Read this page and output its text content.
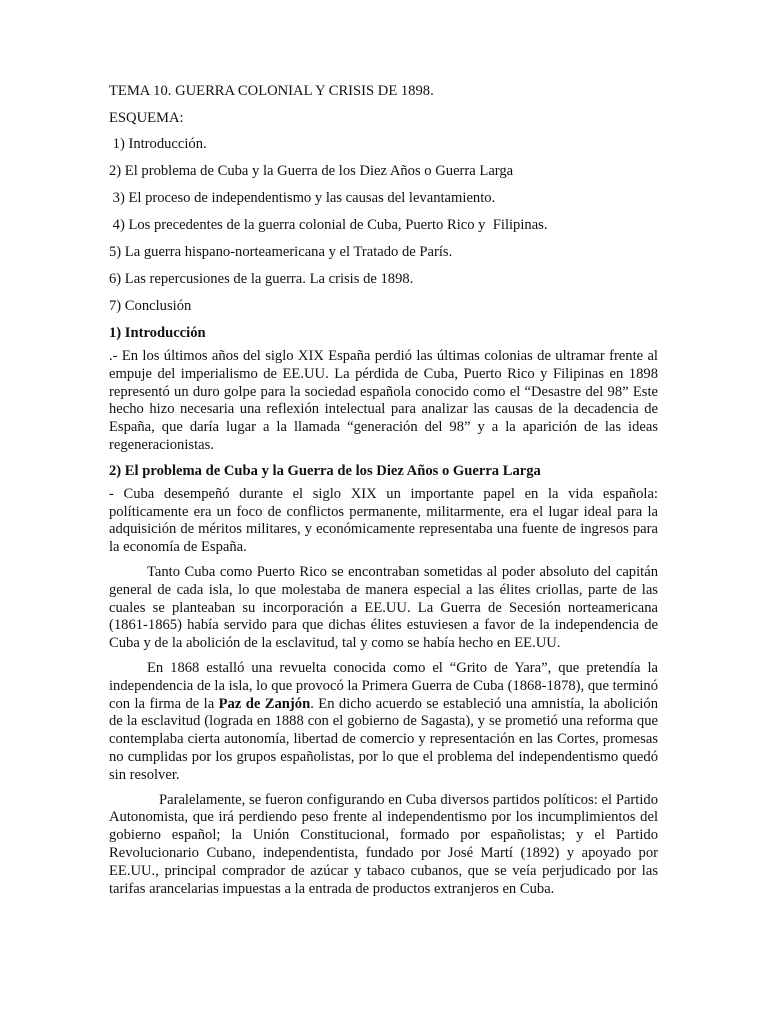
TEMA 10. GUERRA COLONIAL Y CRISIS DE 1898.

ESQUEMA:

1) Introducción.

2) El problema de Cuba y la Guerra de los Diez Años o Guerra Larga

3) El proceso de independentismo y las causas del levantamiento.

4) Los precedentes de la guerra colonial de Cuba, Puerto Rico y  Filipinas.

5) La guerra hispano-norteamericana y el Tratado de París.

6) Las repercusiones de la guerra. La crisis de 1898.

7) Conclusión

1) Introducción

.- En los últimos años del siglo XIX España perdió las últimas colonias de ultramar frente al empuje del imperialismo de EE.UU. La pérdida de Cuba, Puerto Rico y Filipinas en 1898 representó un duro golpe para la sociedad española conocido como el “Desastre del 98” Este hecho hizo necesaria una reflexión intelectual para analizar las causas de la decadencia de España, que daría lugar a la llamada “generación del 98” y a la aparición de las ideas regeneracionistas.

2) El problema de Cuba y la Guerra de los Diez Años o Guerra Larga

- Cuba desempeñó durante el siglo XIX un importante papel en la vida española: políticamente era un foco de conflictos permanente, militarmente, era el lugar ideal para la adquisición de méritos militares, y económicamente representaba una fuente de ingresos para la economía de España.

Tanto Cuba como Puerto Rico se encontraban sometidas al poder absoluto del capitán general de cada isla, lo que molestaba de manera especial a las élites criollas, parte de las cuales se planteaban su incorporación a EE.UU. La Guerra de Secesión norteamericana (1861-1865) había servido para que dichas élites estuviesen a favor de la independencia de Cuba y de la abolición de la esclavitud, tal y como se había hecho en EE.UU.

En 1868 estalló una revuelta conocida como el “Grito de Yara”, que pretendía la independencia de la isla, lo que provocó la Primera Guerra de Cuba (1868-1878), que terminó con la firma de la Paz de Zanjón. En dicho acuerdo se estableció una amnistía, la abolición de la esclavitud (lograda en 1888 con el gobierno de Sagasta), y se prometió una reforma que contemplaba cierta autonomía, libertad de comercio y representación en las Cortes, promesas no cumplidas por los grupos españolistas, por lo que el problema del independentismo quedó sin resolver.

Paralelamente, se fueron configurando en Cuba diversos partidos políticos: el Partido Autonomista, que irá perdiendo peso frente al independentismo por los incumplimientos del gobierno español; la Unión Constitucional, formado por españolistas; y el Partido Revolucionario Cubano, independentista, fundado por José Martí (1892) y apoyado por EE.UU., principal comprador de azúcar y tabaco cubanos, que se veía perjudicado por las tarifas arancelarias impuestas a la entrada de productos extranjeros en Cuba.
